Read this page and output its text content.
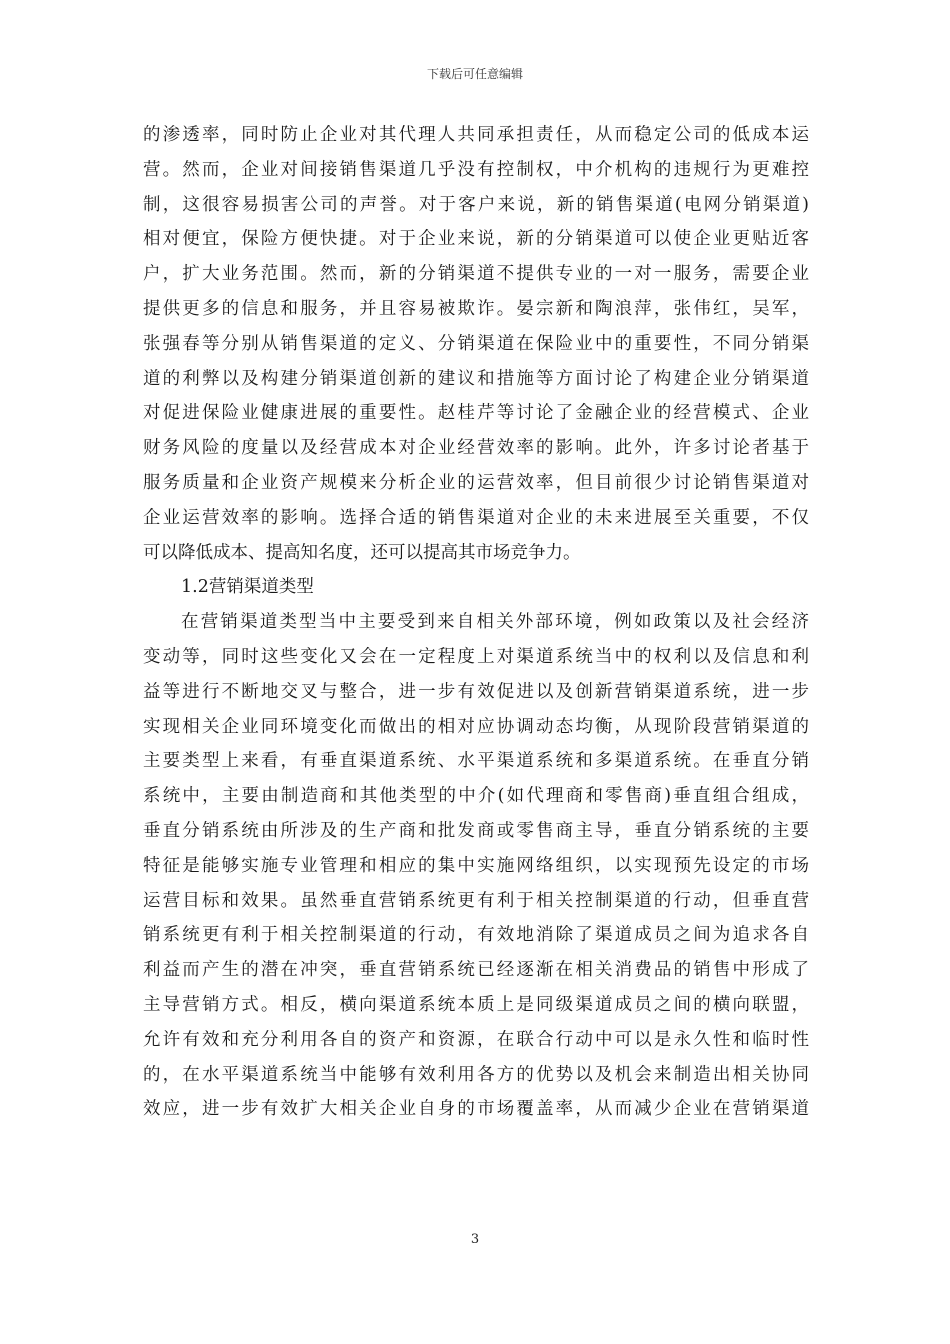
下载后可任意编辑
的渗透率，同时防止企业对其代理人共同承担责任，从而稳定公司的低成本运
营。然而，企业对间接销售渠道几乎没有控制权，中介机构的违规行为更难控
制，这很容易损害公司的声誉。对于客户来说，新的销售渠道(电网分销渠道)
相对便宜，保险方便快捷。对于企业来说，新的分销渠道可以使企业更贴近客
户，扩大业务范围。然而，新的分销渠道不提供专业的一对一服务，需要企业
提供更多的信息和服务，并且容易被欺诈。晏宗新和陶浪萍，张伟红，吴军，
张强春等分别从销售渠道的定义、分销渠道在保险业中的重要性，不同分销渠
道的利弊以及构建分销渠道创新的建议和措施等方面讨论了构建企业分销渠道
对促进保险业健康进展的重要性。赵桂芹等讨论了金融企业的经营模式、企业
财务风险的度量以及经营成本对企业经营效率的影响。此外，许多讨论者基于
服务质量和企业资产规模来分析企业的运营效率，但目前很少讨论销售渠道对
企业运营效率的影响。选择合适的销售渠道对企业的未来进展至关重要，不仅
可以降低成本、提高知名度，还可以提高其市场竞争力。
1.2营销渠道类型
在营销渠道类型当中主要受到来自相关外部环境，例如政策以及社会经济
变动等，同时这些变化又会在一定程度上对渠道系统当中的权利以及信息和利
益等进行不断地交叉与整合，进一步有效促进以及创新营销渠道系统，进一步
实现相关企业同环境变化而做出的相对应协调动态均衡，从现阶段营销渠道的
主要类型上来看，有垂直渠道系统、水平渠道系统和多渠道系统。在垂直分销
系统中，主要由制造商和其他类型的中介(如代理商和零售商)垂直组合组成，
垂直分销系统由所涉及的生产商和批发商或零售商主导，垂直分销系统的主要
特征是能够实施专业管理和相应的集中实施网络组织，以实现预先设定的市场
运营目标和效果。虽然垂直营销系统更有利于相关控制渠道的行动，但垂直营
销系统更有利于相关控制渠道的行动，有效地消除了渠道成员之间为追求各自
利益而产生的潜在冲突，垂直营销系统已经逐渐在相关消费品的销售中形成了
主导营销方式。相反，横向渠道系统本质上是同级渠道成员之间的横向联盟，
允许有效和充分利用各自的资产和资源，在联合行动中可以是永久性和临时性
的，在水平渠道系统当中能够有效利用各方的优势以及机会来制造出相关协同
效应，进一步有效扩大相关企业自身的市场覆盖率，从而减少企业在营销渠道
3
